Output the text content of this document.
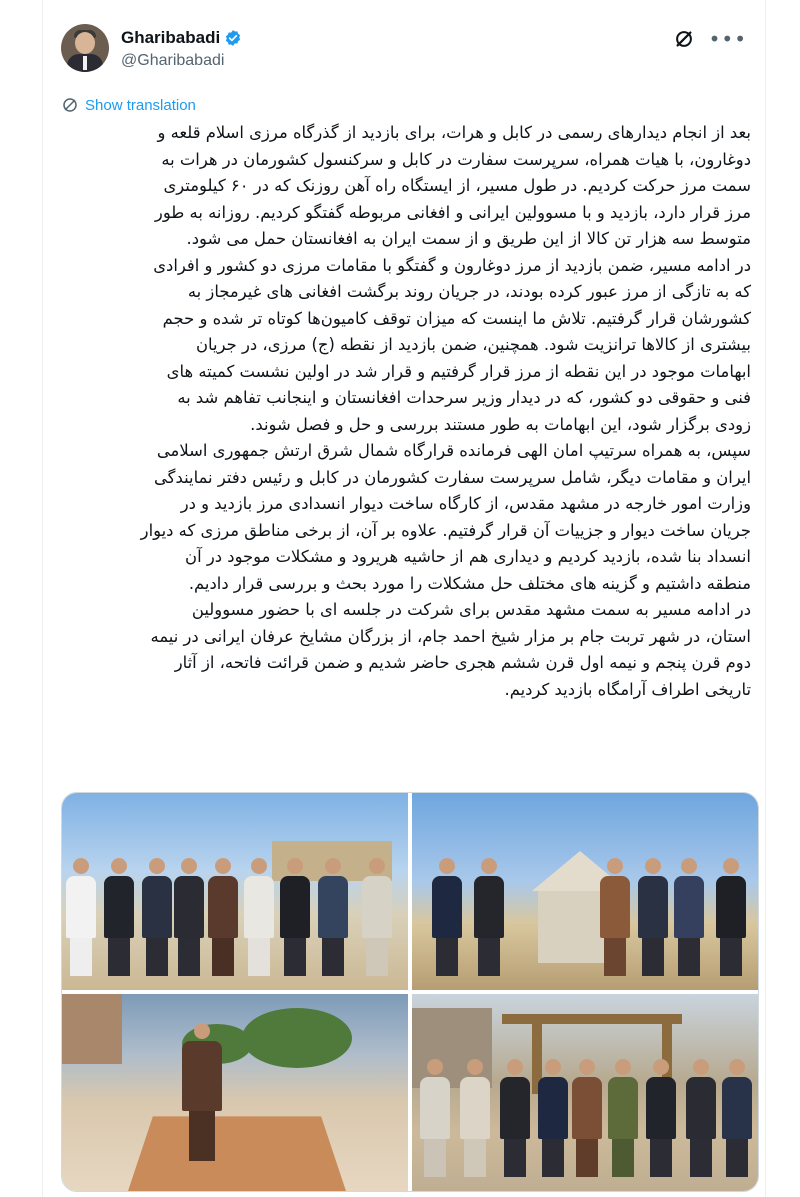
Gharibabadi
@Gharibabadi
•••
Show translation

بعد از انجام دیدارهای رسمی در کابل و هرات، برای بازدید از گذرگاه مرزی اسلام قلعه و

دوغارون، با هیات همراه، سرپرست سفارت در کابل و سرکنسول کشورمان در هرات به

سمت مرز حرکت کردیم. در طول مسیر، از ایستگاه راه آهن روزنک که در ۶۰ کیلومتری

مرز قرار دارد، بازدید و با مسوولین ایرانی و افغانی مربوطه گفتگو کردیم. روزانه به طور

متوسط سه هزار تن کالا از این طریق و از سمت ایران به افغانستان حمل می شود.

در ادامه مسیر، ضمن بازدید از مرز دوغارون و گفتگو با مقامات مرزی دو کشور و افرادی

که به تازگی از مرز عبور کرده بودند، در جریان روند برگشت افغانی های غیرمجاز به

کشورشان قرار گرفتیم. تلاش ما اینست که میزان توقف کامیون‌ها کوتاه تر شده و حجم

بیشتری از کالاها ترانزیت شود. همچنین، ضمن بازدید از نقطه (ج) مرزی، در جریان

ابهامات موجود در این نقطه از مرز قرار گرفتیم و قرار شد در اولین نشست کمیته های

فنی و حقوقی دو کشور، که در دیدار وزیر سرحدات افغانستان و اینجانب تفاهم شد به

زودی برگزار شود، این ابهامات به طور مستند بررسی و حل و فصل شوند.

سپس، به همراه سرتیپ امان الهی فرمانده قرارگاه شمال شرق ارتش جمهوری اسلامی

ایران و مقامات دیگر، شامل سرپرست سفارت کشورمان در کابل و رئیس دفتر نمایندگی

وزارت امور خارجه در مشهد مقدس، از کارگاه ساخت دیوار انسدادی مرز بازدید و در

جریان ساخت دیوار و جزییات آن قرار گرفتیم. علاوه بر آن، از برخی مناطق مرزی که دیوار

انسداد بنا شده، بازدید کردیم و دیداری هم از حاشیه هریرود و مشکلات موجود در آن

منطقه داشتیم و گزینه های مختلف حل مشکلات را مورد بحث و بررسی قرار دادیم.

در ادامه مسیر به سمت مشهد مقدس برای شرکت در جلسه ای با حضور مسوولین

استان، در شهر تربت جام بر مزار شیخ احمد جام، از بزرگان مشایخ عرفان ایرانی در نیمه

دوم قرن پنجم و نیمه اول قرن ششم هجری حاضر شدیم و ضمن قرائت فاتحه، از آثار

تاریخی اطراف آرامگاه بازدید کردیم.
